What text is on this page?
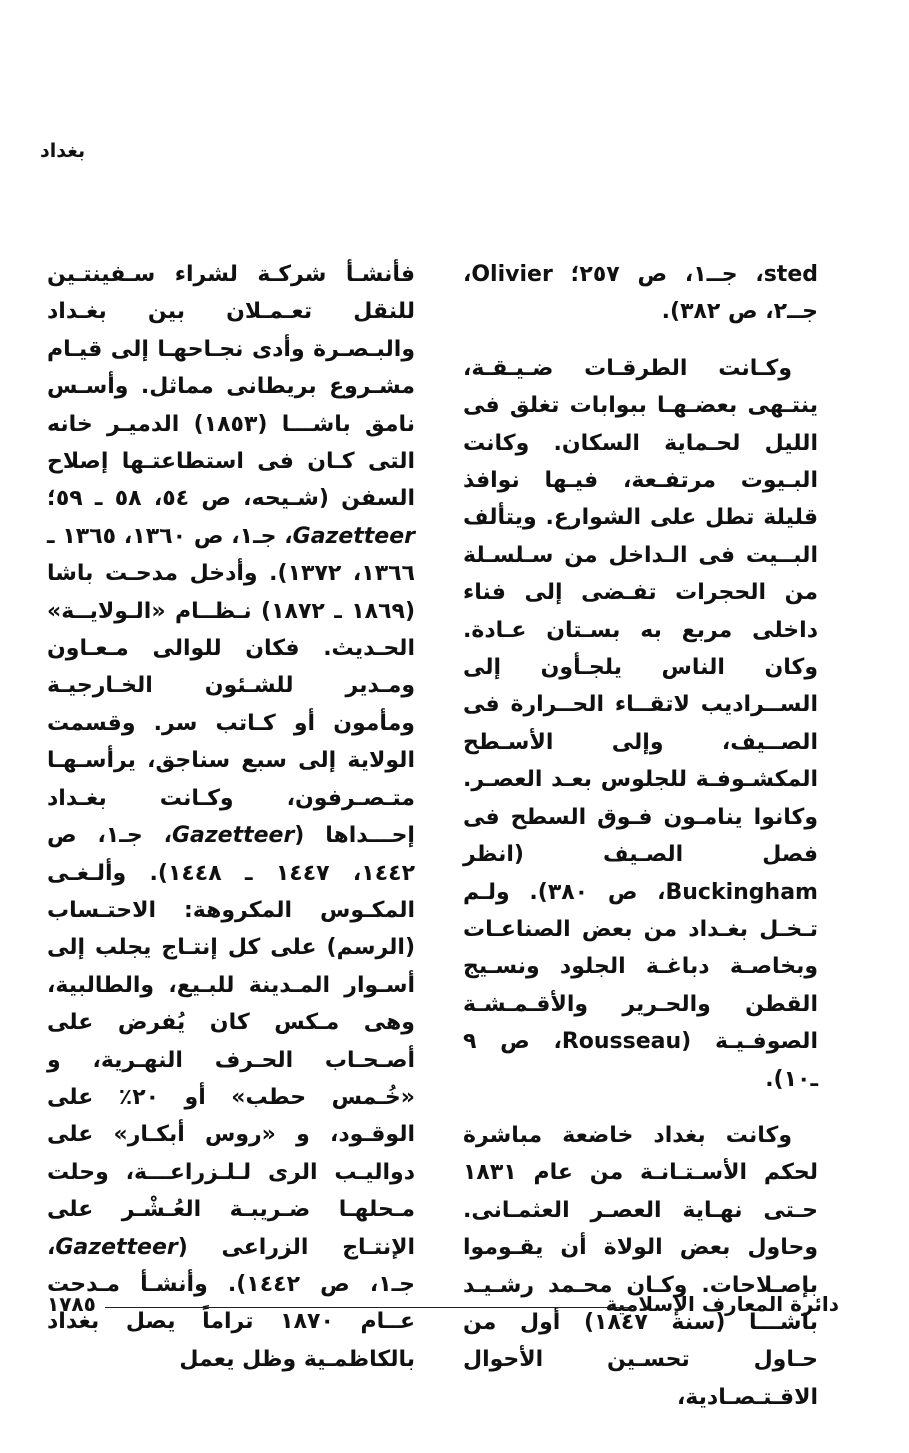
بغداد

sted، جــ١، ص ٢٥٧؛ Olivier، جــ٢، ص ٣٨٢).

وكـانت الطرقـات ضـيـقـة، ينتـهى بعضـهـا ببوابات تغلق فى الليل لحـماية السكان. وكانت البـيوت مرتفـعة، فيـها نوافذ قليلة تطل على الشوارع. ويتألف البــيت فى الـداخل من سـلسـلة من الحجرات تفـضى إلى فناء داخلى مربع به بسـتان عـادة. وكان الناس يلجـأون إلى الســراديب لاتقــاء الحــرارة فى الصــيف، وإلى الأسـطح المكشـوفـة للجلوس بعـد العصـر. وكانوا ينامـون فـوق السطح فى فصل الصـيف (انظر Buckingham، ص ٣٨٠). ولـم تـخـل بغـداد من بعض الصناعـات وبخاصـة دباغـة الجلود ونسـيج القطن والحـرير والأقـمـشـة الصوفـيـة (Rousseau، ص ٩ ـ١٠).

وكانت بغداد خاضعة مباشرة لحكم الأسـتـانـة من عام ١٨٣١ حـتى نهـاية العصـر العثمـانى. وحاول بعض الولاة أن يقـوموا بإصـلاحات. وكـان محـمد رشـيـد باشـــا (سنة ١٨٤٧) أول من حـاول تحسـين الأحوال الاقـتـصـادية،

فأنشـأ شركـة لشراء سـفينتـين للنقل تعـمـلان بين بغـداد والبـصـرة وأدى نجـاحهـا إلى قيـام مشـروع بريطانى مماثل. وأسـس نامق باشـــا (١٨٥٣) الدميـر خانه التى كـان فى استطاعتـها إصلاح السفن (شـيحه، ص ٥٤، ٥٨ ـ ٥٩؛ Gazetteer، جـ١، ص ١٣٦٠، ١٣٦٥ ـ ١٣٦٦، ١٣٧٢). وأدخل مدحـت باشا (١٨٦٩ ـ ١٨٧٢) نـظــام «الـولايــة» الحـديث. فكان للوالى مـعـاون ومـدير للشـئون الخـارجيـة ومأمون أو كـاتب سر. وقسمت الولاية إلى سبع سناجق، يرأسـهـا متـصـرفون، وكـانت بغـداد إحـــداها (Gazetteer، جـ١، ص ١٤٤٢، ١٤٤٧ ـ ١٤٤٨). وألـغـى المكـوس المكروهة: الاحتـساب (الرسم) على كل إنتـاج يجلب إلى أسـوار المـدينة للبـيع، والطالبية، وهى مـكس كان يُفرض على أصـحـاب الحـرف النهـرية، و «خُـمس حطب» أو ٢٠٪ على الوقـود، و «روس أبكـار» على دواليـب الرى لـلـزراعـــة، وحلت مـحلهـا ضـريبـة العُـشْـر على الإنتـاج الزراعى (Gazetteer، جـ١، ص ١٤٤٢). وأنشـأ مـدحت عــام ١٨٧٠ تراماً يصل بغداد بالكاظمـية وظل يعمل

دائرة المعارف الإسلامية
١٧٨٥
